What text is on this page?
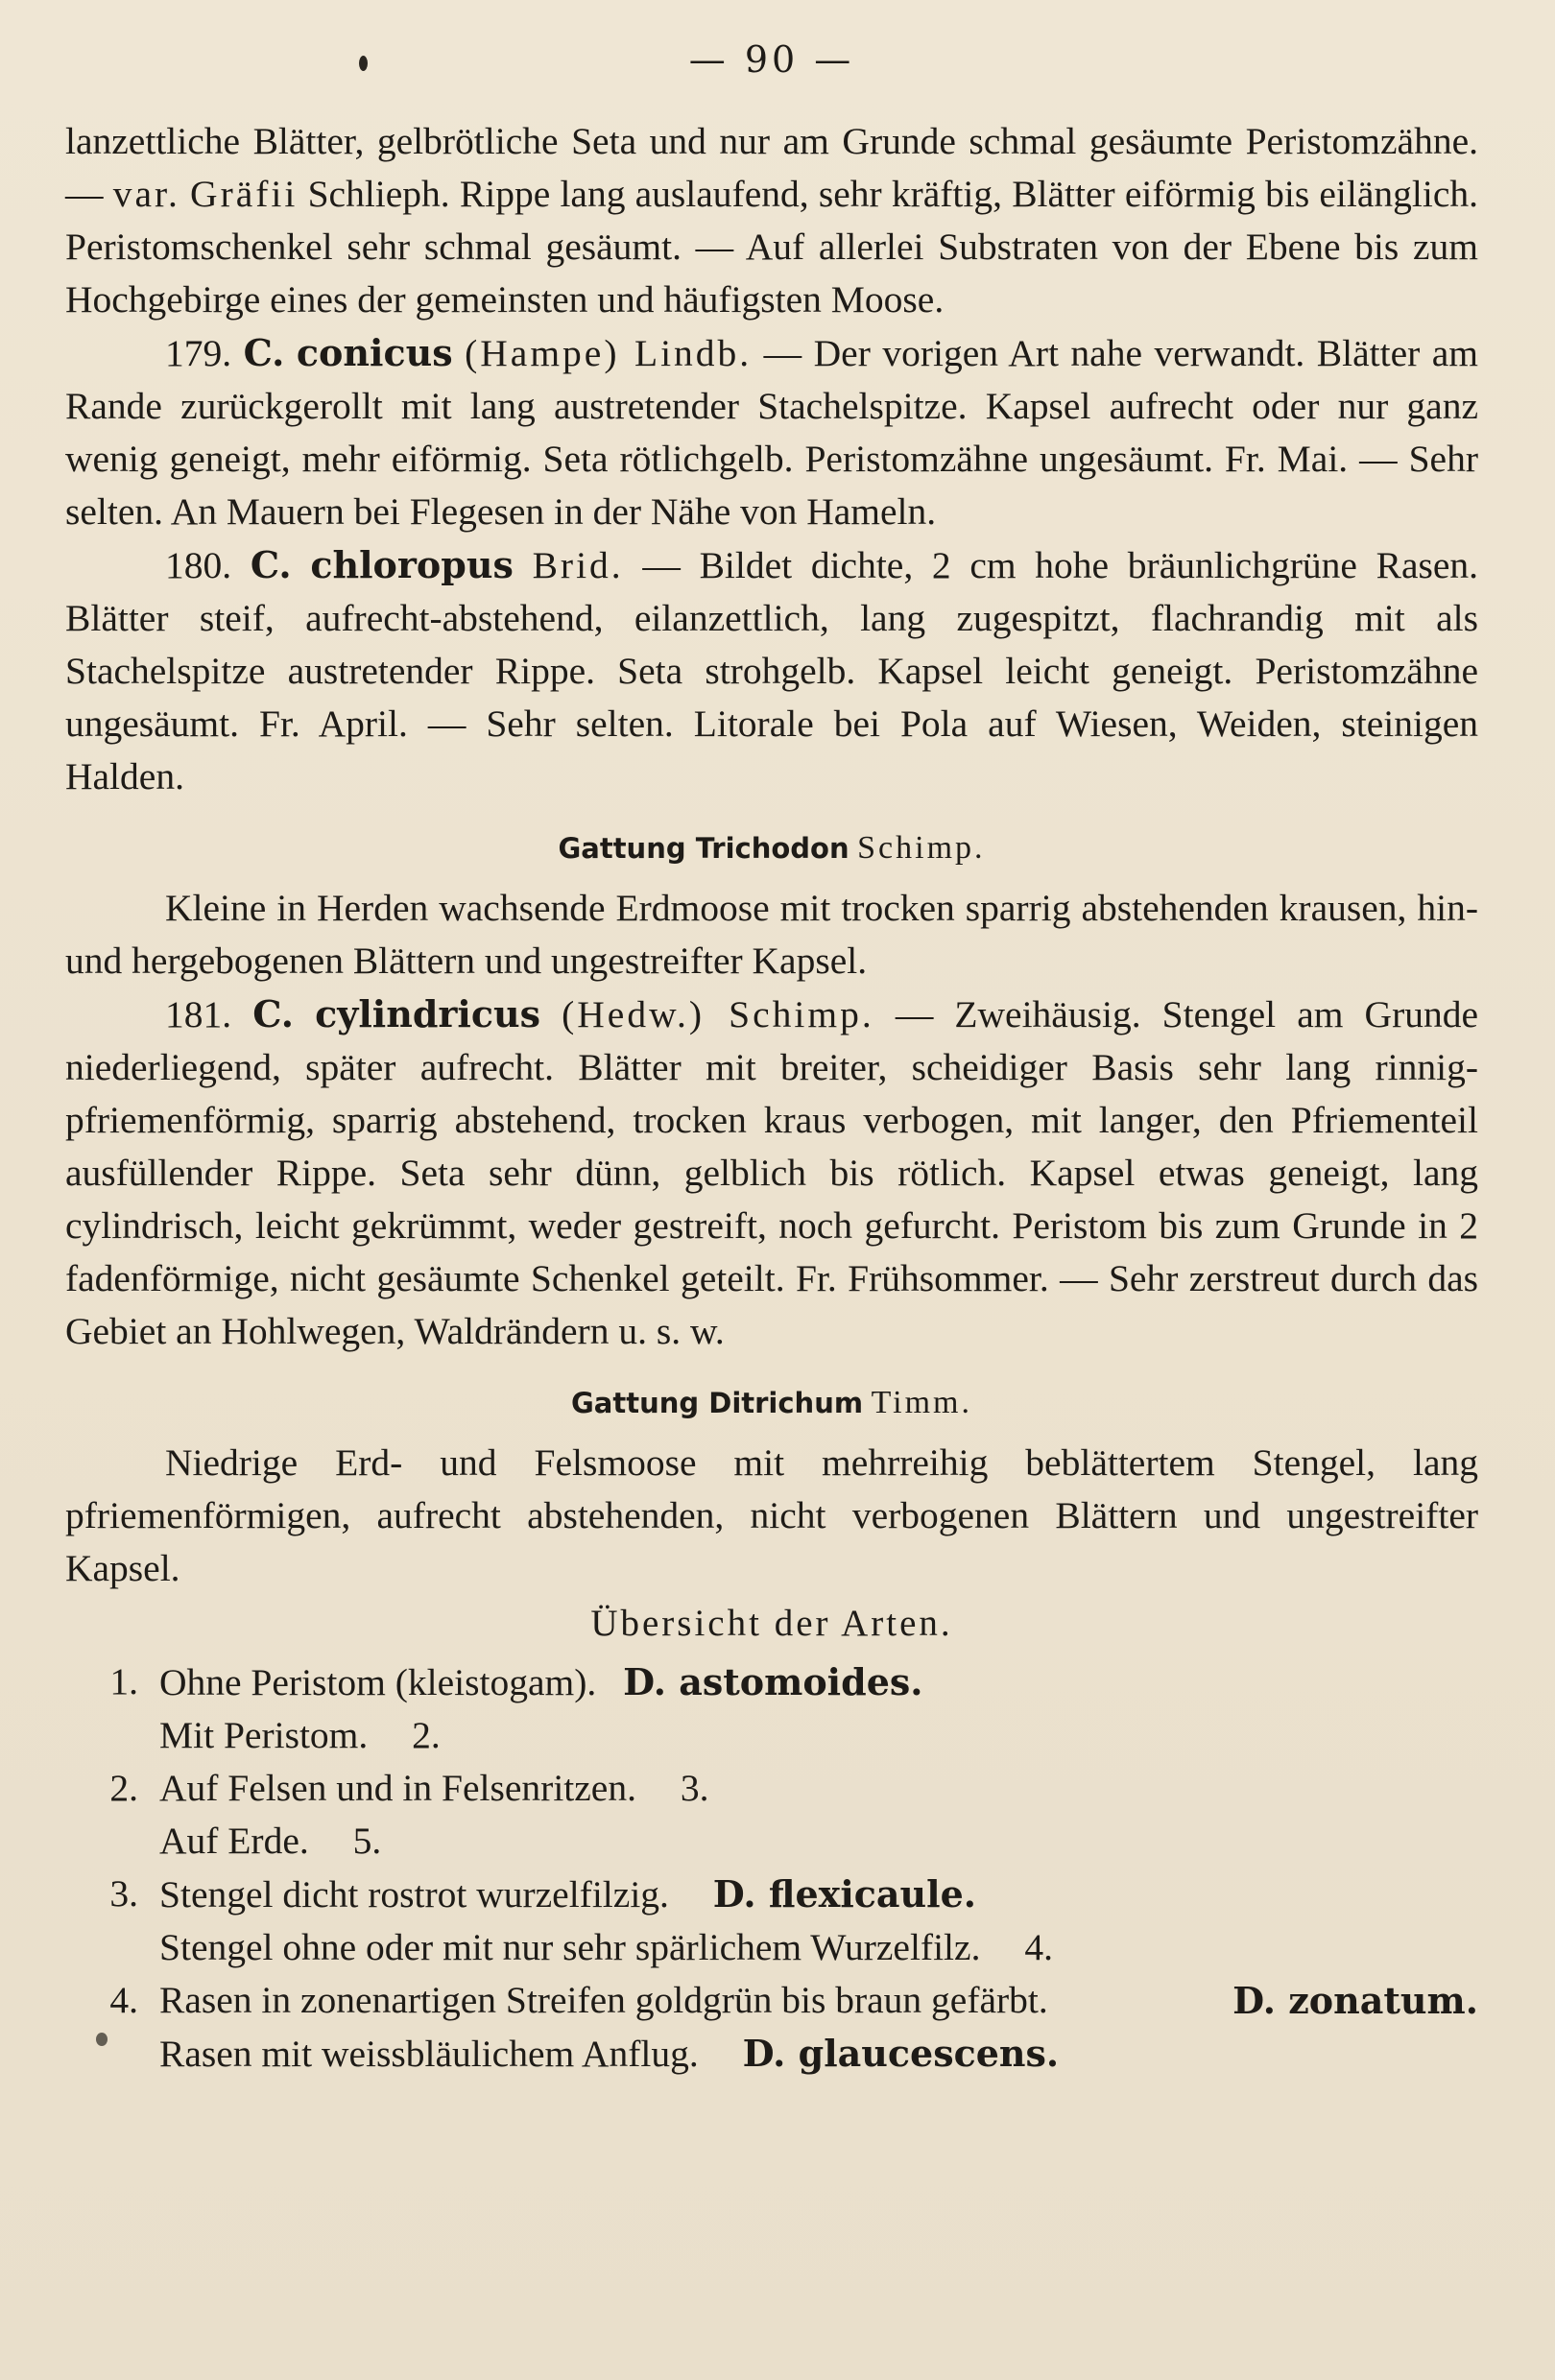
— 90 —

lanzettliche Blätter, gelbrötliche Seta und nur am Grunde schmal gesäumte Peristomzähne. — var. Gräfii Schlieph. Rippe lang auslaufend, sehr kräftig, Blätter eiförmig bis eilänglich. Peristomschenkel sehr schmal gesäumt. — Auf allerlei Substraten von der Ebene bis zum Hochgebirge eines der gemeinsten und häufigsten Moose.

179. C. conicus (Hampe) Lindb. — Der vorigen Art nahe verwandt. Blätter am Rande zurückgerollt mit lang austretender Stachelspitze. Kapsel aufrecht oder nur ganz wenig geneigt, mehr eiförmig. Seta rötlichgelb. Peristomzähne ungesäumt. Fr. Mai. — Sehr selten. An Mauern bei Flegesen in der Nähe von Hameln.

180. C. chloropus Brid. — Bildet dichte, 2 cm hohe bräunlichgrüne Rasen. Blätter steif, aufrecht-abstehend, eilanzettlich, lang zugespitzt, flachrandig mit als Stachelspitze austretender Rippe. Seta strohgelb. Kapsel leicht geneigt. Peristomzähne ungesäumt. Fr. April. — Sehr selten. Litorale bei Pola auf Wiesen, Weiden, steinigen Halden.

Gattung Trichodon Schimp.

Kleine in Herden wachsende Erdmoose mit trocken sparrig abstehenden krausen, hin- und hergebogenen Blättern und ungestreifter Kapsel.

181. C. cylindricus (Hedw.) Schimp. — Zweihäusig. Stengel am Grunde niederliegend, später aufrecht. Blätter mit breiter, scheidiger Basis sehr lang rinnig-pfriemenförmig, sparrig abstehend, trocken kraus verbogen, mit langer, den Pfriementeil ausfüllender Rippe. Seta sehr dünn, gelblich bis rötlich. Kapsel etwas geneigt, lang cylindrisch, leicht gekrümmt, weder gestreift, noch gefurcht. Peristom bis zum Grunde in 2 fadenförmige, nicht gesäumte Schenkel geteilt. Fr. Frühsommer. — Sehr zerstreut durch das Gebiet an Hohlwegen, Waldrändern u. s. w.

Gattung Ditrichum Timm.

Niedrige Erd- und Felsmoose mit mehrreihig beblättertem Stengel, lang pfriemenförmigen, aufrecht abstehenden, nicht verbogenen Blättern und ungestreifter Kapsel.

Übersicht der Arten.
1. Ohne Peristom (kleistogam). D. astomoides.
Mit Peristom. 2.
2. Auf Felsen und in Felsenritzen. 3.
Auf Erde. 5.
3. Stengel dicht rostrot wurzelfilzig. D. flexicaule.
Stengel ohne oder mit nur sehr spärlichem Wurzelfilz. 4.
4. Rasen in zonenartigen Streifen goldgrün bis braun gefärbt.	D. zonatum.
Rasen mit weissbläulichem Anflug. D. glaucescens.
